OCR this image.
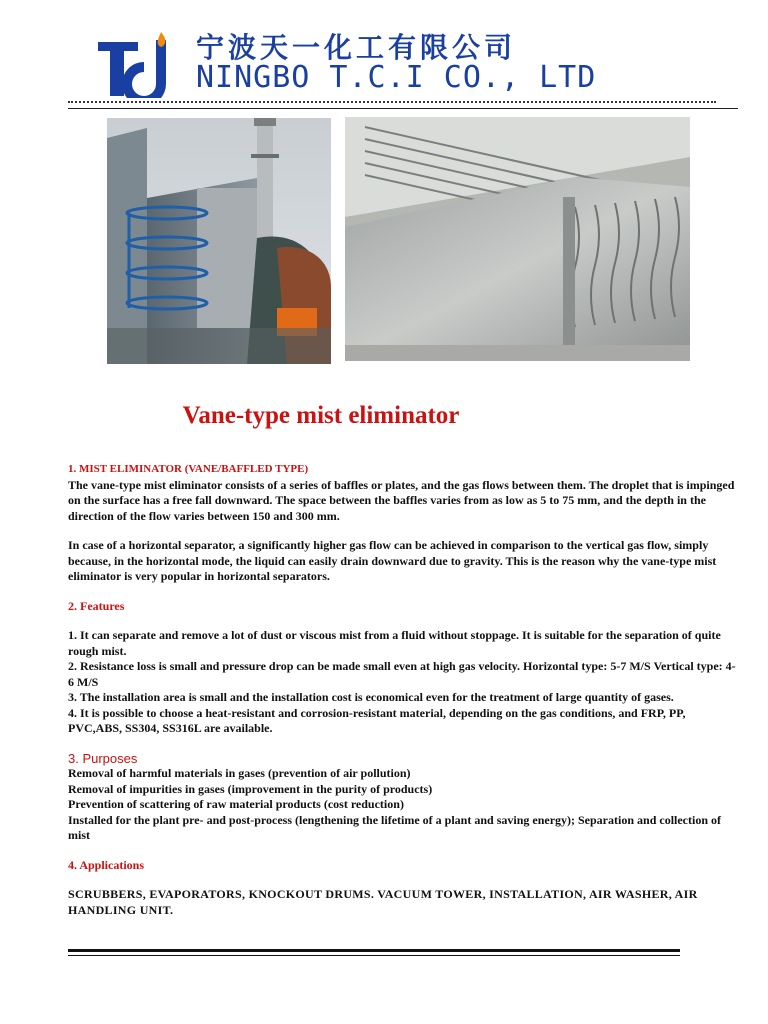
宁波天一化工有限公司
NINGBO T.C.I CO., LTD
Vane-type mist eliminator

1. MIST ELIMINATOR (VANE/BAFFLED TYPE)

The vane-type mist eliminator consists of a series of baffles or plates, and the gas flows between them. The droplet that is impinged on the surface has a free fall downward. The space between the baffles varies from as low as 5 to 75 mm, and the depth in the direction of the flow varies between 150 and 300 mm.

In case of a horizontal separator, a significantly higher gas flow can be achieved in comparison to the vertical gas flow, simply because, in the horizontal mode, the liquid can easily drain downward due to gravity. This is the reason why the vane-type mist eliminator is very popular in horizontal separators.

2. Features

1. It can separate and remove a lot of dust or viscous mist from a fluid without stoppage. It is suitable for the separation of quite rough mist.

2. Resistance loss is small and pressure drop can be made small even at high gas velocity. Horizontal type: 5-7 M/S Vertical type: 4-6 M/S

3. The installation area is small and the installation cost is economical even for the treatment of large quantity of gases.

4. It is possible to choose a heat-resistant and corrosion-resistant material, depending on the gas conditions, and FRP, PP, PVC,ABS, SS304, SS316L are available.

3. Purposes

Removal of harmful materials in gases (prevention of air pollution)

Removal of impurities in gases (improvement in the purity of products)

Prevention of scattering of raw material products (cost reduction)

Installed for the plant pre- and post-process (lengthening the lifetime of a plant and saving energy); Separation and collection of mist

4. Applications

SCRUBBERS, EVAPORATORS, KNOCKOUT DRUMS. VACUUM TOWER, INSTALLATION, AIR WASHER, AIR HANDLING UNIT.
